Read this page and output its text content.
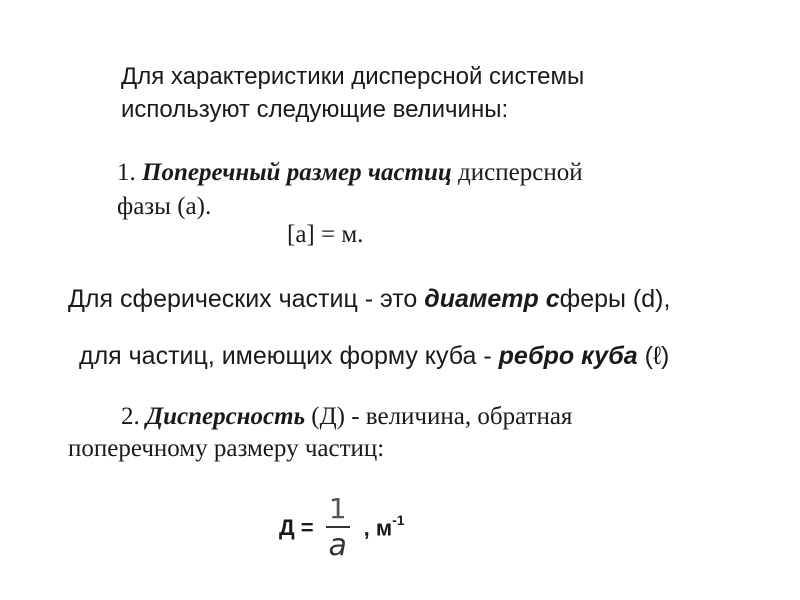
Для характеристики дисперсной системы
используют следующие величины:
1. Поперечный размер частиц дисперсной
фазы (а).
[а] = м.
Для сферических частиц - это диаметр сферы (d),
для частиц, имеющих форму куба - ребро куба (ℓ)
2. Дисперсность (Д) - величина, обратная
поперечному размеру частиц:
$Д = \frac{1}{a}$ , $м^{-1}$
